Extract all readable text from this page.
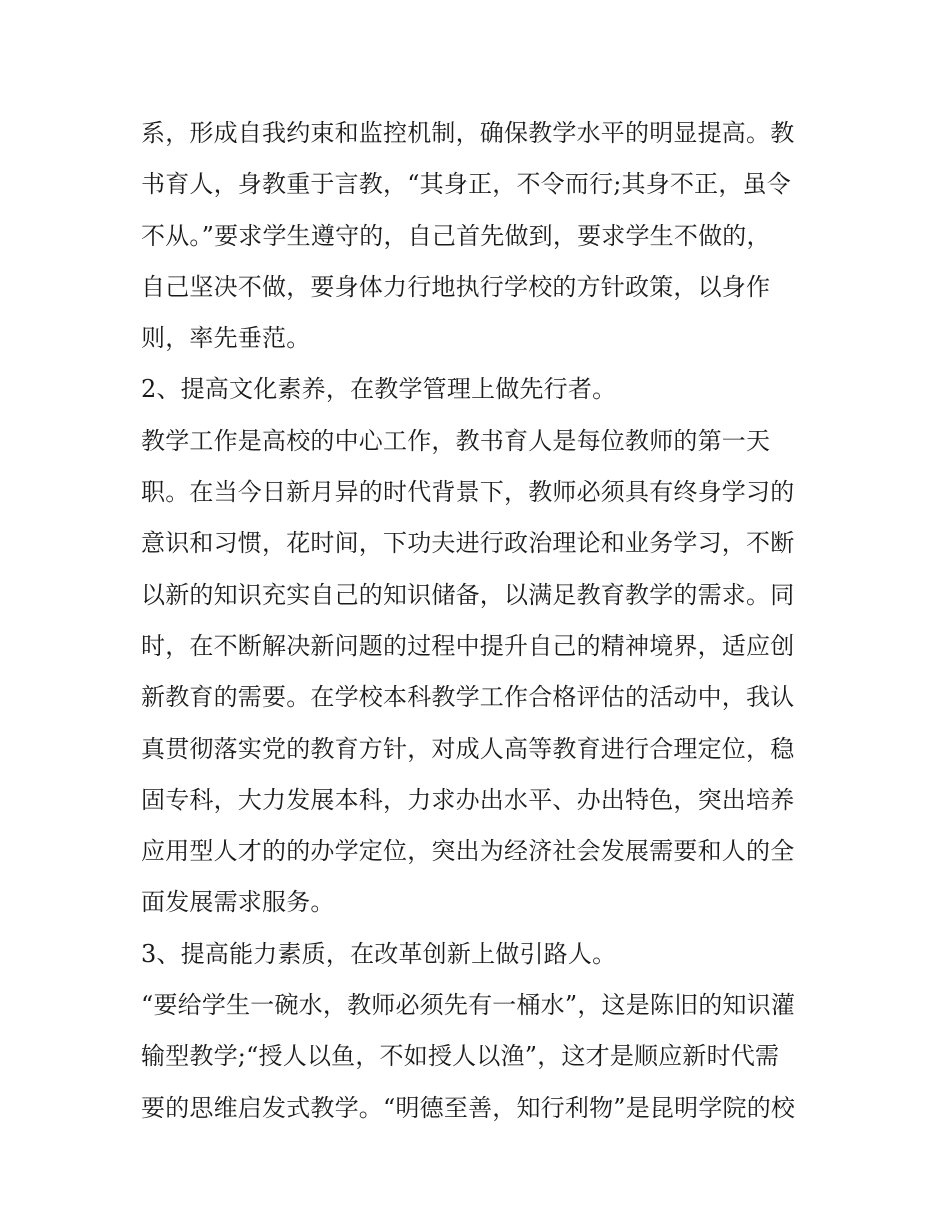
系，形成自我约束和监控机制，确保教学水平的明显提高。教
书育人，身教重于言教，“其身正，不令而行;其身不正，虽令
不从。”要求学生遵守的，自己首先做到，要求学生不做的，
自己坚决不做，要身体力行地执行学校的方针政策，以身作
则，率先垂范。
2、提高文化素养，在教学管理上做先行者。
教学工作是高校的中心工作，教书育人是每位教师的第一天
职。在当今日新月异的时代背景下，教师必须具有终身学习的
意识和习惯，花时间，下功夫进行政治理论和业务学习，不断
以新的知识充实自己的知识储备，以满足教育教学的需求。同
时，在不断解决新问题的过程中提升自己的精神境界，适应创
新教育的需要。在学校本科教学工作合格评估的活动中，我认
真贯彻落实党的教育方针，对成人高等教育进行合理定位，稳
固专科，大力发展本科，力求办出水平、办出特色，突出培养
应用型人才的的办学定位，突出为经济社会发展需要和人的全
面发展需求服务。
3、提高能力素质，在改革创新上做引路人。
“要给学生一碗水，教师必须先有一桶水”，这是陈旧的知识灌
输型教学;“授人以鱼，不如授人以渔”，这才是顺应新时代需
要的思维启发式教学。“明德至善，知行利物”是昆明学院的校
